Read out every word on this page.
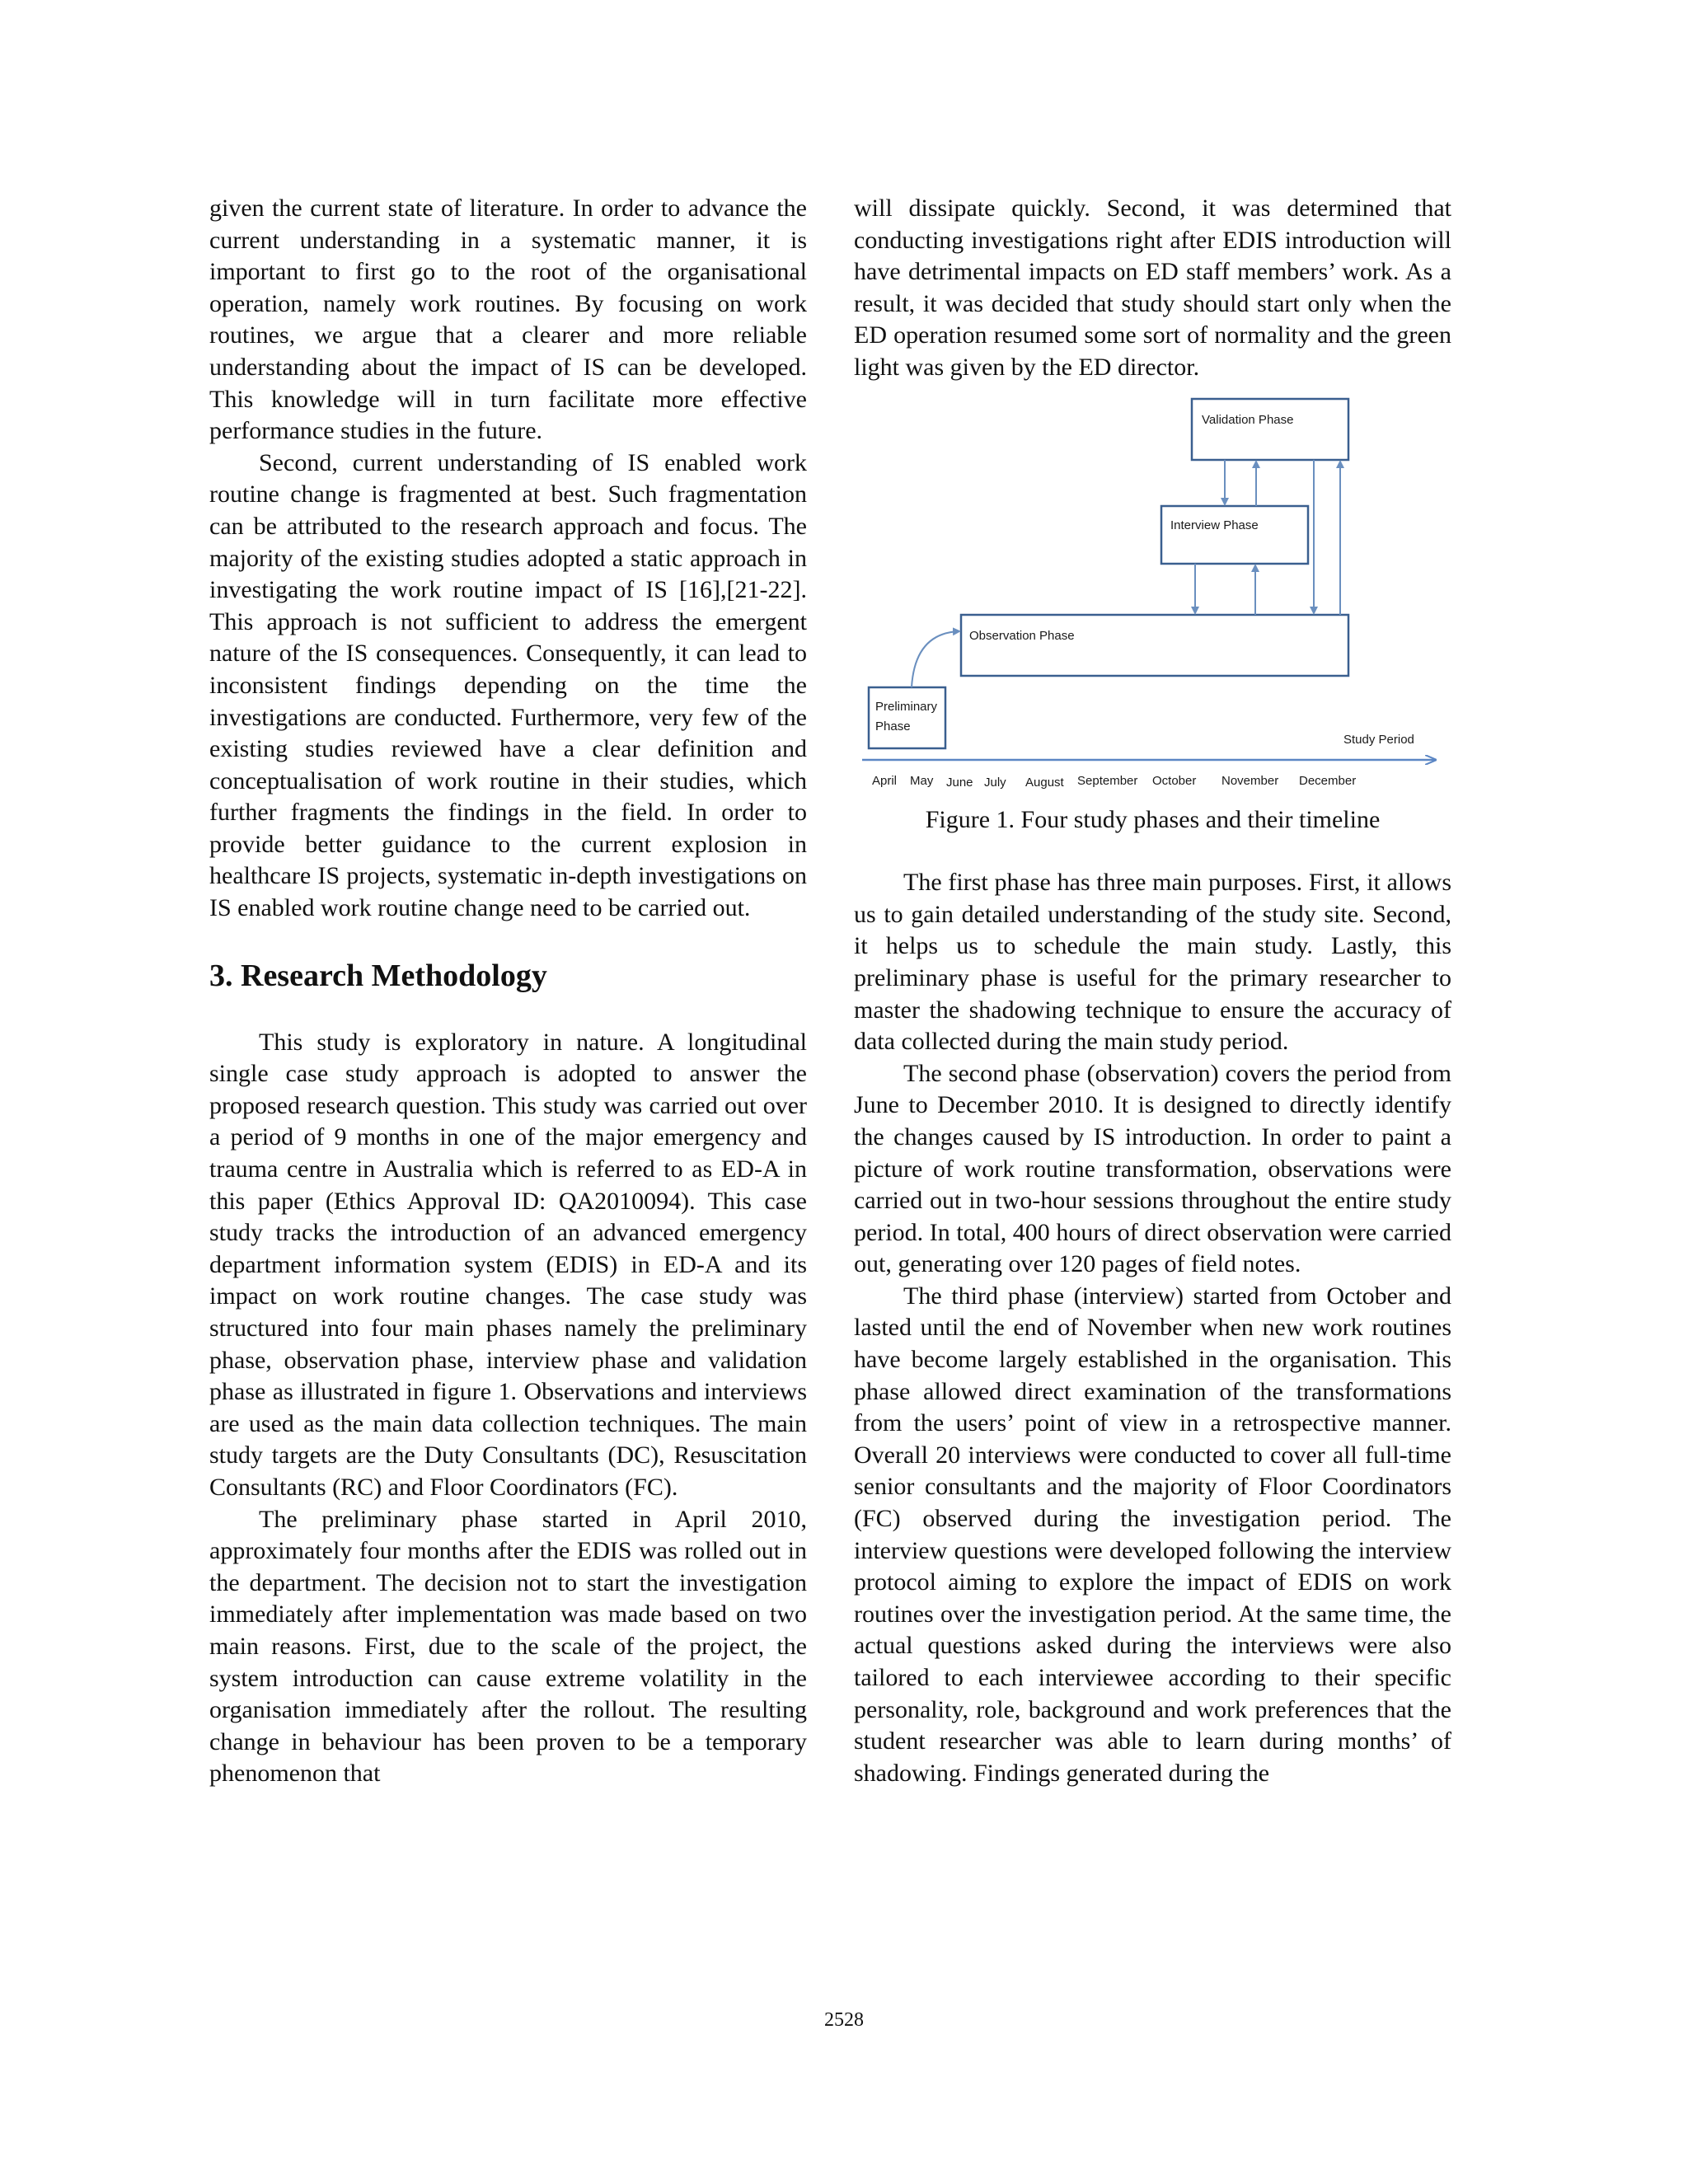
given the current state of literature. In order to advance the current understanding in a systematic manner, it is important to first go to the root of the organisational operation, namely work routines. By focusing on work routines, we argue that a clearer and more reliable understanding about the impact of IS can be developed. This knowledge will in turn facilitate more effective performance studies in the future.

Second, current understanding of IS enabled work routine change is fragmented at best. Such fragmentation can be attributed to the research approach and focus. The majority of the existing studies adopted a static approach in investigating the work routine impact of IS [16],[21-22]. This approach is not sufficient to address the emergent nature of the IS consequences. Consequently, it can lead to inconsistent findings depending on the time the investigations are conducted. Furthermore, very few of the existing studies reviewed have a clear definition and conceptualisation of work routine in their studies, which further fragments the findings in the field. In order to provide better guidance to the current explosion in healthcare IS projects, systematic in-depth investigations on IS enabled work routine change need to be carried out.

3. Research Methodology

This study is exploratory in nature. A longitudinal single case study approach is adopted to answer the proposed research question. This study was carried out over a period of 9 months in one of the major emergency and trauma centre in Australia which is referred to as ED-A in this paper (Ethics Approval ID: QA2010094). This case study tracks the introduction of an advanced emergency department information system (EDIS) in ED-A and its impact on work routine changes. The case study was structured into four main phases namely the preliminary phase, observation phase, interview phase and validation phase as illustrated in figure 1. Observations and interviews are used as the main data collection techniques. The main study targets are the Duty Consultants (DC), Resuscitation Consultants (RC) and Floor Coordinators (FC).

The preliminary phase started in April 2010, approximately four months after the EDIS was rolled out in the department. The decision not to start the investigation immediately after implementation was made based on two main reasons. First, due to the scale of the project, the system introduction can cause extreme volatility in the organisation immediately after the rollout. The resulting change in behaviour has been proven to be a temporary phenomenon that

will dissipate quickly. Second, it was determined that conducting investigations right after EDIS introduction will have detrimental impacts on ED staff members’ work. As a result, it was decided that study should start only when the ED operation resumed some sort of normality and the green light was given by the ED director.

Validation Phase
Interview Phase
Observation Phase
Preliminary
Phase
Study Period
April May June July August September October November December

Figure 1. Four study phases and their timeline

The first phase has three main purposes. First, it allows us to gain detailed understanding of the study site. Second, it helps us to schedule the main study. Lastly, this preliminary phase is useful for the primary researcher to master the shadowing technique to ensure the accuracy of data collected during the main study period.

The second phase (observation) covers the period from June to December 2010. It is designed to directly identify the changes caused by IS introduction. In order to paint a picture of work routine transformation, observations were carried out in two-hour sessions throughout the entire study period. In total, 400 hours of direct observation were carried out, generating over 120 pages of field notes.

The third phase (interview) started from October and lasted until the end of November when new work routines have become largely established in the organisation. This phase allowed direct examination of the transformations from the users’ point of view in a retrospective manner. Overall 20 interviews were conducted to cover all full-time senior consultants and the majority of Floor Coordinators (FC) observed during the investigation period. The interview questions were developed following the interview protocol aiming to explore the impact of EDIS on work routines over the investigation period. At the same time, the actual questions asked during the interviews were also tailored to each interviewee according to their specific personality, role, background and work preferences that the student researcher was able to learn during months’ of shadowing. Findings generated during the

2528
